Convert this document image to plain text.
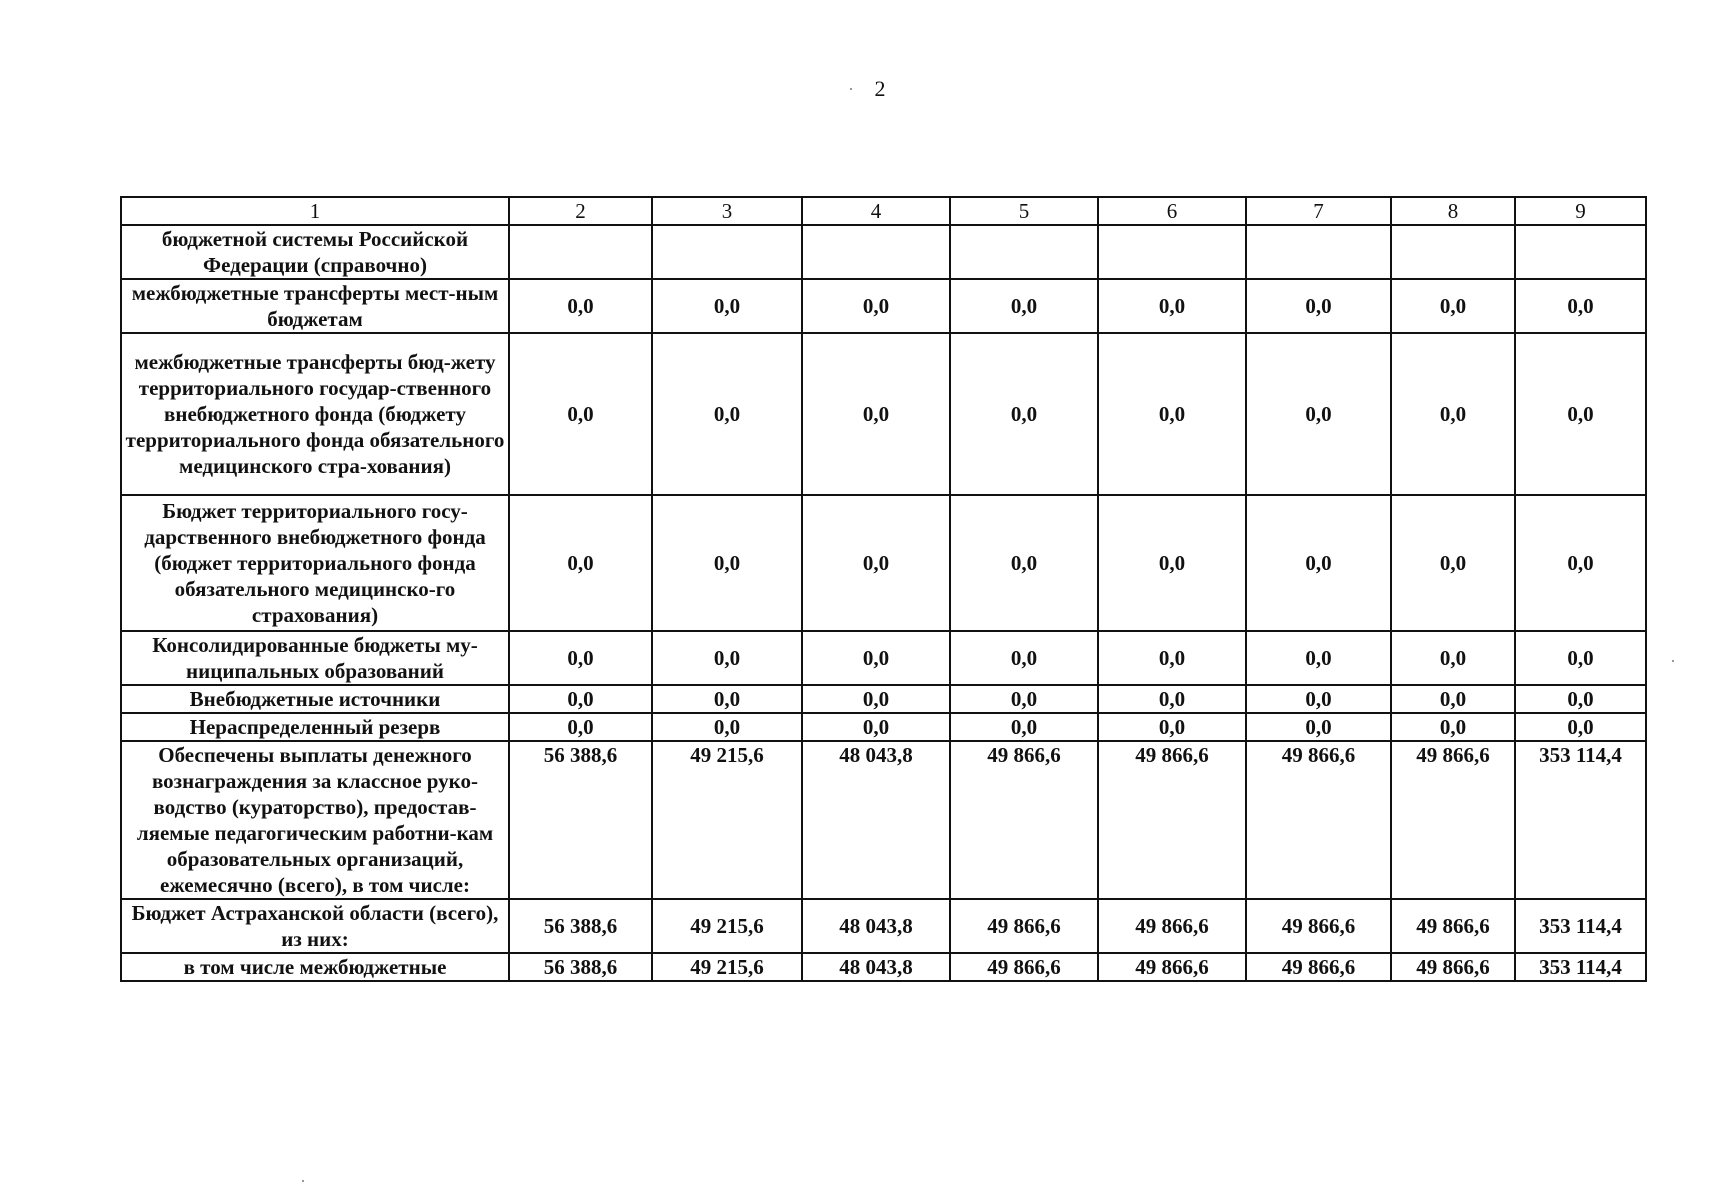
2
1	2	3	4	5	6	7	8	9
бюджетной системы Российской Федерации (справочно)								
межбюджетные трансферты мест-ным бюджетам	0,0	0,0	0,0	0,0	0,0	0,0	0,0	0,0
межбюджетные трансферты бюд-жету территориального государ-ственного внебюджетного фонда (бюджету территориального фонда обязательного медицинского стра-хования)	0,0	0,0	0,0	0,0	0,0	0,0	0,0	0,0
Бюджет территориального госу-дарственного внебюджетного фонда (бюджет территориального фонда обязательного медицинско-го страхования)	0,0	0,0	0,0	0,0	0,0	0,0	0,0	0,0
Консолидированные бюджеты му-ниципальных образований	0,0	0,0	0,0	0,0	0,0	0,0	0,0	0,0
Внебюджетные источники	0,0	0,0	0,0	0,0	0,0	0,0	0,0	0,0
Нераспределенный резерв	0,0	0,0	0,0	0,0	0,0	0,0	0,0	0,0
Обеспечены выплаты денежного вознаграждения за классное руко-водство (кураторство), предостав-ляемые педагогическим работни-кам образовательных организаций, ежемесячно (всего), в том числе:	56 388,6	49 215,6	48 043,8	49 866,6	49 866,6	49 866,6	49 866,6	353 114,4
Бюджет Астраханской области (всего), из них:	56 388,6	49 215,6	48 043,8	49 866,6	49 866,6	49 866,6	49 866,6	353 114,4
в том числе межбюджетные	56 388,6	49 215,6	48 043,8	49 866,6	49 866,6	49 866,6	49 866,6	353 114,4
